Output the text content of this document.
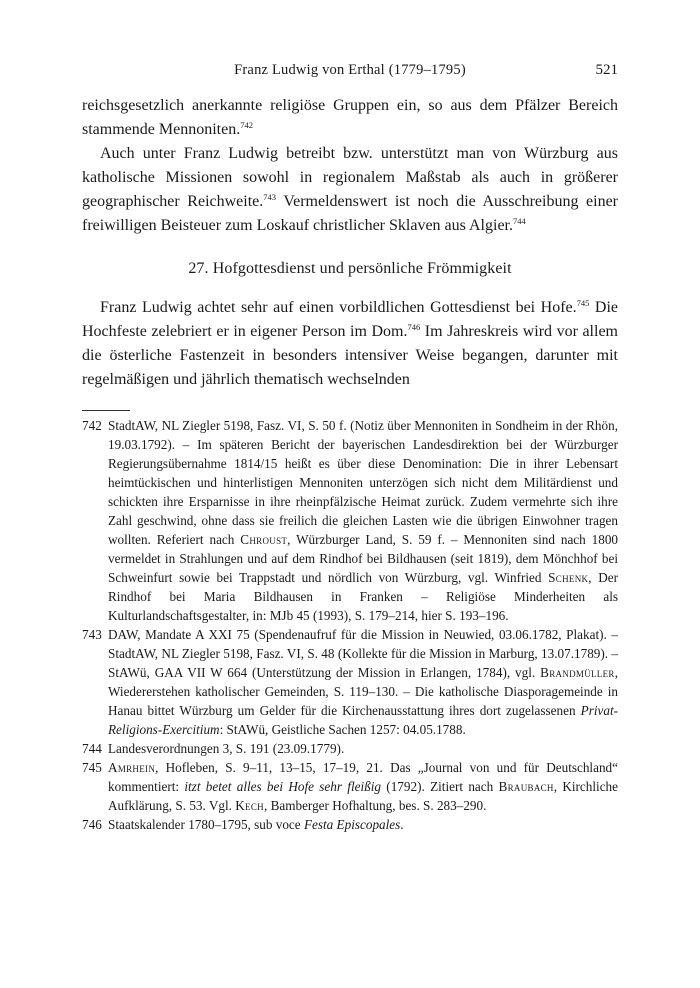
Franz Ludwig von Erthal (1779–1795)	521

reichsgesetzlich anerkannte religiöse Gruppen ein, so aus dem Pfälzer Bereich stammende Mennoniten.$^{742}$

Auch unter Franz Ludwig betreibt bzw. unterstützt man von Würzburg aus katholische Missionen sowohl in regionalem Maßstab als auch in größerer geographischer Reichweite.$^{743}$ Vermeldenswert ist noch die Ausschreibung einer freiwilligen Beisteuer zum Loskauf christlicher Sklaven aus Algier.$^{744}$

27. Hofgottesdienst und persönliche Frömmigkeit

Franz Ludwig achtet sehr auf einen vorbildlichen Gottesdienst bei Hofe.$^{745}$ Die Hochfeste zelebriert er in eigener Person im Dom.$^{746}$ Im Jahreskreis wird vor allem die österliche Fastenzeit in besonders intensiver Weise begangen, darunter mit regelmäßigen und jährlich thematisch wechselnden

742 StadtAW, NL Ziegler 5198, Fasz. VI, S. 50 f. (Notiz über Mennoniten in Sondheim in der Rhön, 19.03.1792). – Im späteren Bericht der bayerischen Landesdirektion bei der Würzburger Regierungsübernahme 1814/15 heißt es über diese Denomination: Die in ihrer Lebensart heimtückischen und hinterlistigen Mennoniten unterzögen sich nicht dem Militärdienst und schickten ihre Ersparnisse in ihre rheinpfälzische Heimat zurück. Zudem vermehrte sich ihre Zahl geschwind, ohne dass sie freilich die gleichen Lasten wie die übrigen Einwohner tragen wollten. Referiert nach Chroust, Würzburger Land, S. 59 f. – Mennoniten sind nach 1800 vermeldet in Strahlungen und auf dem Rindhof bei Bildhausen (seit 1819), dem Mönchhof bei Schweinfurt sowie bei Trappstadt und nördlich von Würzburg, vgl. Winfried Schenk, Der Rindhof bei Maria Bildhausen in Franken – Religiöse Minderheiten als Kulturlandschaftsgestalter, in: MJb 45 (1993), S. 179–214, hier S. 193–196.

743 DAW, Mandate A XXI 75 (Spendenaufruf für die Mission in Neuwied, 03.06.1782, Plakat). – StadtAW, NL Ziegler 5198, Fasz. VI, S. 48 (Kollekte für die Mission in Marburg, 13.07.1789). – StAWü, GAA VII W 664 (Unterstützung der Mission in Erlangen, 1784), vgl. Brandmüller, Wiedererstehen katholischer Gemeinden, S. 119–130. – Die katholische Diasporagemeinde in Hanau bittet Würzburg um Gelder für die Kirchenausstattung ihres dort zugelassenen Privat-Religions-Exercitium: StAWü, Geistliche Sachen 1257: 04.05.1788.

744 Landesverordnungen 3, S. 191 (23.09.1779).

745 Amrhein, Hofleben, S. 9–11, 13–15, 17–19, 21. Das „Journal von und für Deutschland“ kommentiert: itzt betet alles bei Hofe sehr fleißig (1792). Zitiert nach Braubach, Kirchliche Aufklärung, S. 53. Vgl. Kech, Bamberger Hofhaltung, bes. S. 283–290.

746 Staatskalender 1780–1795, sub voce Festa Episcopales.
